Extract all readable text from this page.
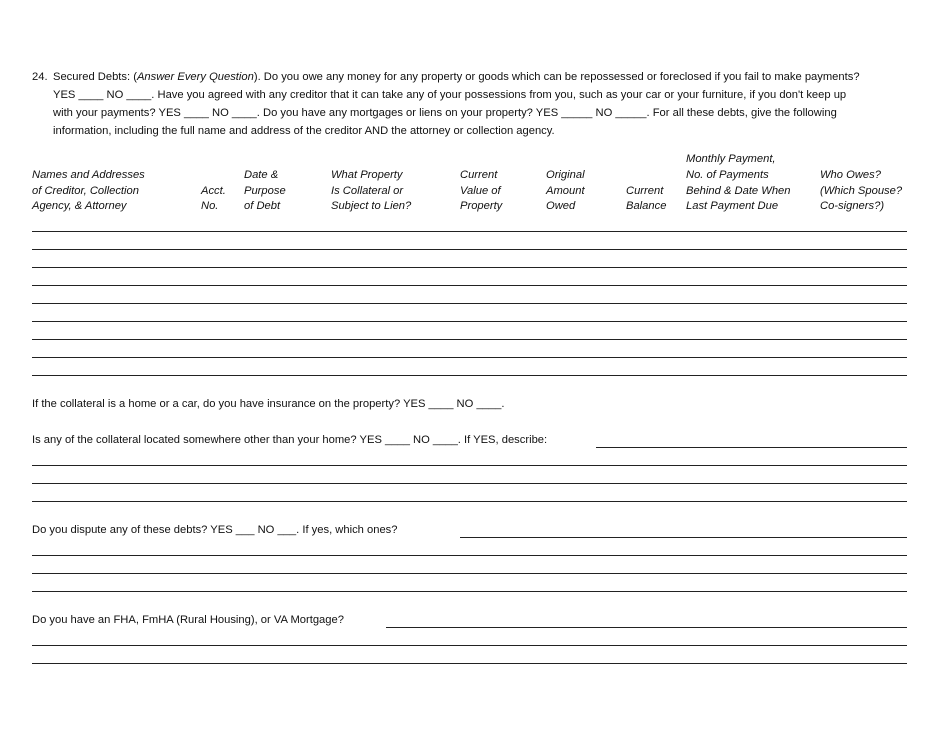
24. Secured Debts: (Answer Every Question). Do you owe any money for any property or goods which can be repossessed or foreclosed if you fail to make payments?
YES ____ NO ____. Have you agreed with any creditor that it can take any of your possessions from you, such as your car or your furniture, if you don't keep up
with your payments? YES ____ NO ____. Do you have any mortgages or liens on your property? YES _____ NO _____. For all these debts, give the following
information, including the full name and address of the creditor AND the attorney or collection agency.
Names and Addresses
of Creditor, Collection
Agency, & Attorney
Acct.
No.
Date &
Purpose
of Debt
What Property
Is Collateral or
Subject to Lien?
Current
Value of
Property
Original
Amount
Owed
Current
Balance
Monthly Payment,
No. of Payments
Behind & Date When
Last Payment Due
Who Owes?
(Which Spouse?
Co-signers?)
If the collateral is a home or a car, do you have insurance on the property? YES ____ NO ____.
Is any of the collateral located somewhere other than your home? YES ____ NO ____. If YES, describe:
Do you dispute any of these debts? YES ___ NO ___. If yes, which ones?
Do you have an FHA, FmHA (Rural Housing), or VA Mortgage?
